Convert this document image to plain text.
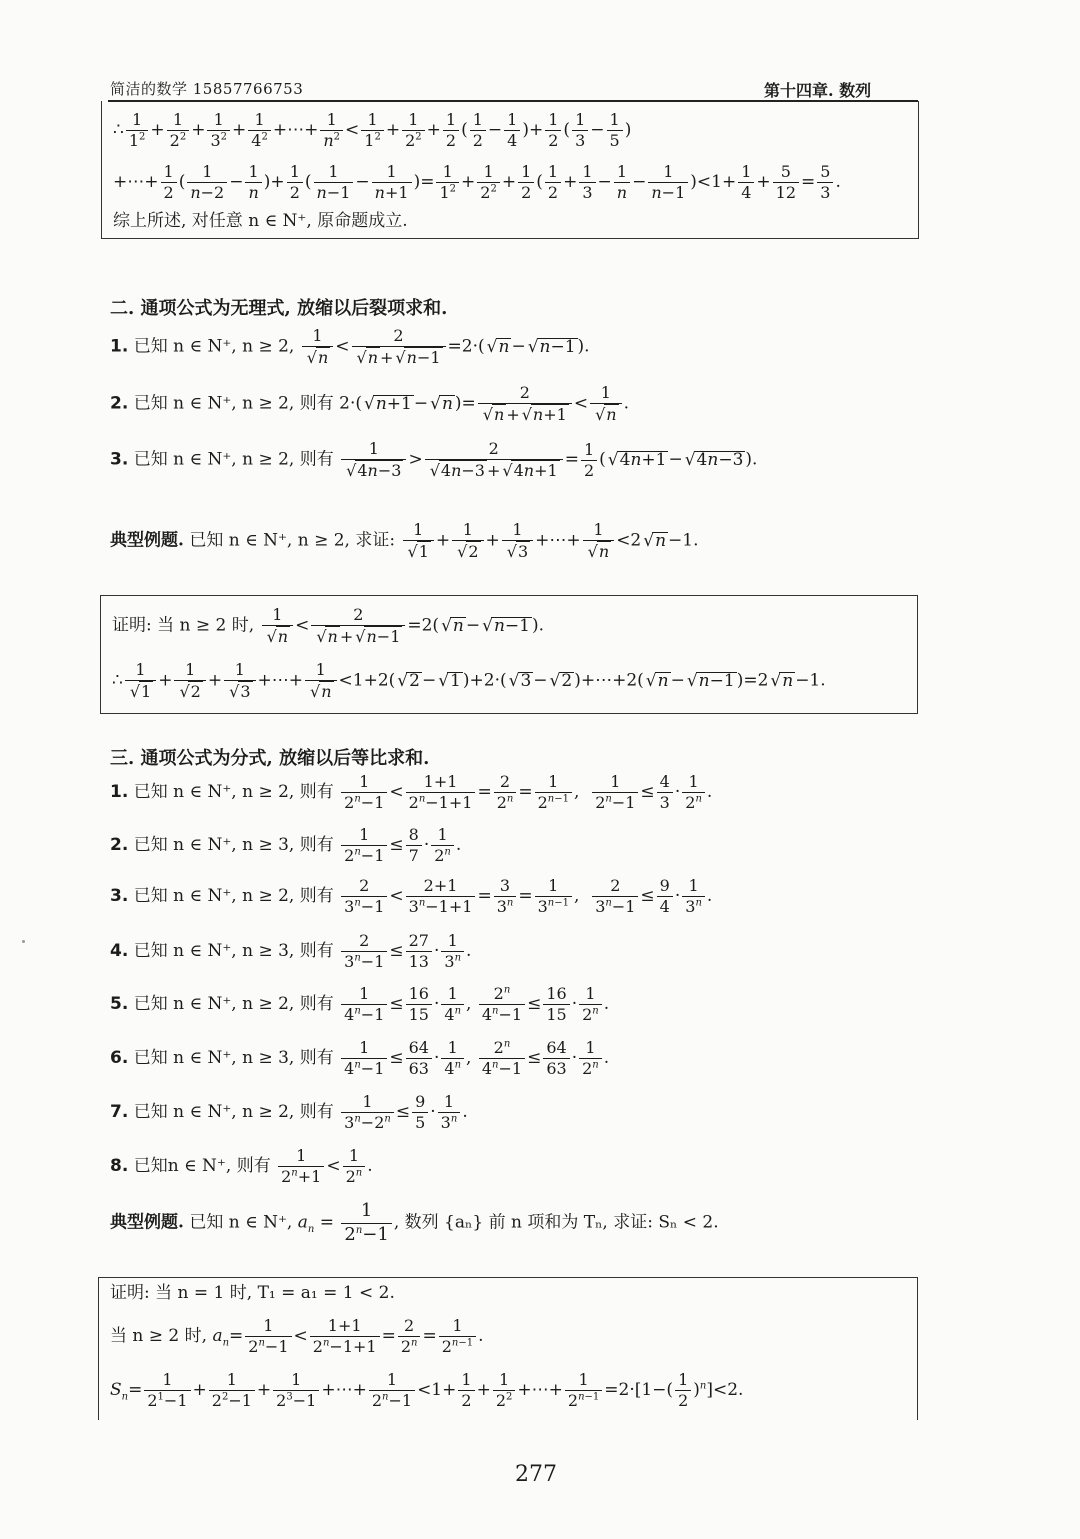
简洁的数学 15857766753	第十四章. 数列
∴ $\frac{1}{1^2} + \frac{1}{2^2} + \frac{1}{3^2} + \frac{1}{4^2}$ +⋯+ $\frac{1}{n^2} < \frac{1}{1^2} + \frac{1}{2^2} + \frac{1}{2}$ ( $\frac{1}{2} - \frac{1}{4}$ )+ $\frac{1}{2}$ ( $\frac{1}{3} - \frac{1}{5}$ )
+⋯+ $\frac{1}{2}$ ( $\frac{1}{n-2} - \frac{1}{n}$ )+ $\frac{1}{2}$ ( $\frac{1}{n-1} - \frac{1}{n+1}$ )= $\frac{1}{1^2} + \frac{1}{2^2} + \frac{1}{2}$ ( $\frac{1}{2} + \frac{1}{3} - \frac{1}{n} - \frac{1}{n-1} )<1+ \frac{1}{4} + \frac{5}{12} = \frac{5}{3}$ .
综上所述, 对任意 n ∈ N⁺, 原命题成立.
二. 通项公式为无理式, 放缩以后裂项求和.
1. 已知 n ∈ N⁺, n ≥ 2, 1
√ n < 2
√ n + √ n−1 =2·( √ n − √ n−1 ).
2. 已知 n ∈ N⁺, n ≥ 2, 则有 2·( √ n+1 − √ n )= 2
√ n + √ n+1 < 1
√ n .
3. 已知 n ∈ N⁺, n ≥ 2, 则有 1
√ 4n−3 > 2
√ 4n−3 + √ $4n+1 = \frac{1}{2}$ ( √ 4n+1 − √ 4n−3 ).
典型例题. 已知 n ∈ N⁺, n ≥ 2, 求证: 1
√ 1 + 1
√ 2 + 1
√ 3 +⋯+ 1
√ n <2 √ n −1.
证明: 当 n ≥ 2 时, 1
√ n < 2
√ n + √ n−1 =2( √ n − √ n−1 ).
∴ 1
√ 1 + 1
√ 2 + 1
√ 3 +⋯+ 1
√ n <1+2( √ 2 − √ 1 )+2·( √ 3 − √ 2 )+⋯+2( √ n − √ n−1 )=2 √ n −1.
三. 通项公式为分式, 放缩以后等比求和.
1. 已知 n ∈ N⁺, n ≥ 2, 则有 $\frac{1}{2^n-1} < \frac{1+1}{2^n-1+1} = \frac{2}{2^n} = \frac{1}{2^{n-1}}$ , $\frac{1}{2^n-1} \le \frac{4}{3} \cdot \frac{1}{2^n}$ .
2. 已知 n ∈ N⁺, n ≥ 3, 则有 $\frac{1}{2^n-1} \le \frac{8}{7} \cdot \frac{1}{2^n}$ .
3. 已知 n ∈ N⁺, n ≥ 2, 则有 $\frac{2}{3^n-1} < \frac{2+1}{3^n-1+1} = \frac{3}{3^n} = \frac{1}{3^{n-1}}$ , $\frac{2}{3^n-1} \le \frac{9}{4} \cdot \frac{1}{3^n}$ .
4. 已知 n ∈ N⁺, n ≥ 3, 则有 $\frac{2}{3^n-1} \le \frac{27}{13} \cdot \frac{1}{3^n}$ .
5. 已知 n ∈ N⁺, n ≥ 2, 则有 $\frac{1}{4^n-1} \le \frac{16}{15} \cdot \frac{1}{4^n}$ , $\frac{2^n}{4^n-1} \le \frac{16}{15} \cdot \frac{1}{2^n}$ .
6. 已知 n ∈ N⁺, n ≥ 3, 则有 $\frac{1}{4^n-1} \le \frac{64}{63} \cdot \frac{1}{4^n}$ , $\frac{2^n}{4^n-1} \le \frac{64}{63} \cdot \frac{1}{2^n}$ .
7. 已知 n ∈ N⁺, n ≥ 2, 则有 $\frac{1}{3^n-2^n} \le \frac{9}{5} \cdot \frac{1}{3^n}$ .
8. 已知n ∈ N⁺, 则有 $\frac{1}{2^n+1} < \frac{1}{2^n}$ .
典型例题. 已知 n ∈ N⁺, $a_n = \frac{1}{2^n-1}$ , 数列 {aₙ} 前 n 项和为 Tₙ, 求证: Sₙ < 2.
证明: 当 n = 1 时, T₁ = a₁ = 1 < 2.
当 n ≥ 2 时, $a_n= \frac{1}{2^n-1} < \frac{1+1}{2^n-1+1} = \frac{2}{2^n} = \frac{1}{2^{n-1}}$ .
$S_n= \frac{1}{2^1-1} + \frac{1}{2^2-1} + \frac{1}{2^3-1}$ +⋯+ $\frac{1}{2^n-1} <1+ \frac{1}{2} + \frac{1}{2^2}$ +⋯+ $\frac{1}{2^{n-1}} =2\cdot[1-( \frac{1}{2} )^n]<2$.
277
